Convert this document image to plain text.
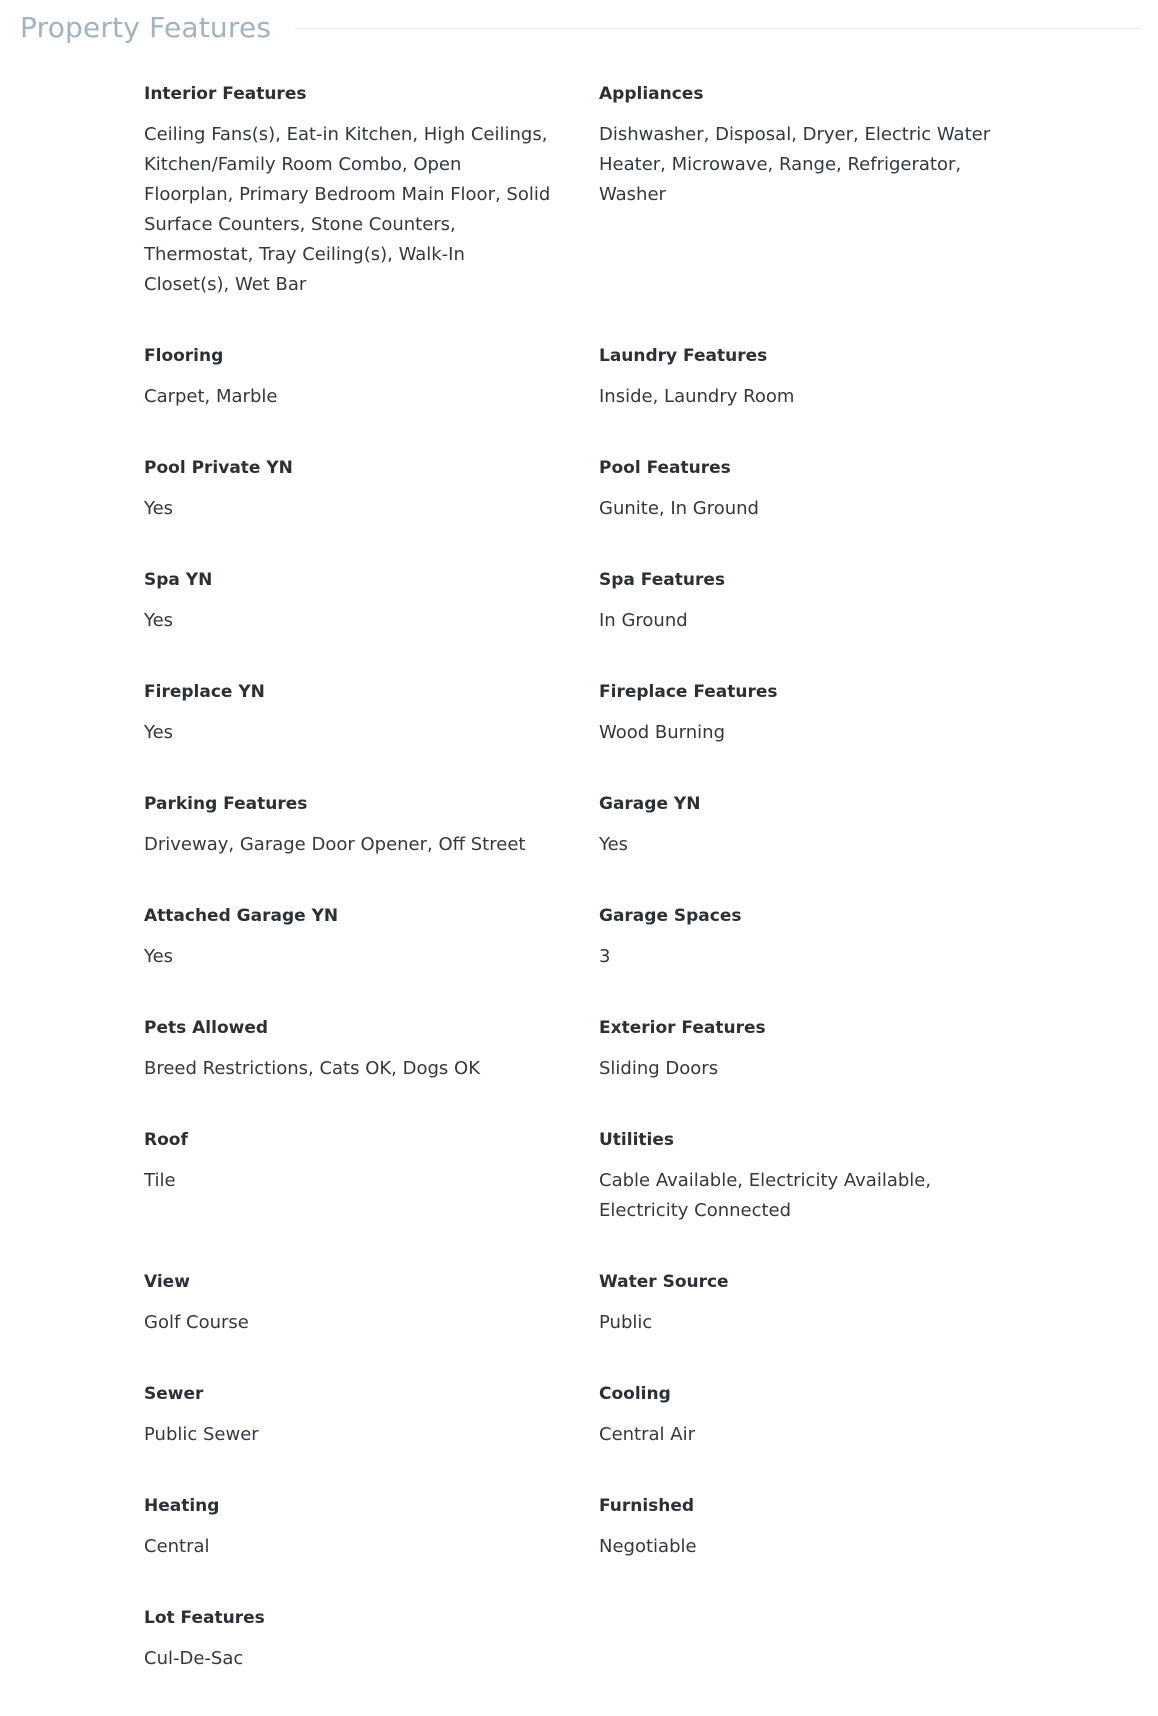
Property Features
Interior Features
Ceiling Fans(s), Eat-in Kitchen, High Ceilings, Kitchen/Family Room Combo, Open Floorplan, Primary Bedroom Main Floor, Solid Surface Counters, Stone Counters, Thermostat, Tray Ceiling(s), Walk-In Closet(s), Wet Bar
Appliances
Dishwasher, Disposal, Dryer, Electric Water Heater, Microwave, Range, Refrigerator, Washer
Flooring
Carpet, Marble
Laundry Features
Inside, Laundry Room
Pool Private YN
Yes
Pool Features
Gunite, In Ground
Spa YN
Yes
Spa Features
In Ground
Fireplace YN
Yes
Fireplace Features
Wood Burning
Parking Features
Driveway, Garage Door Opener, Off Street
Garage YN
Yes
Attached Garage YN
Yes
Garage Spaces
3
Pets Allowed
Breed Restrictions, Cats OK, Dogs OK
Exterior Features
Sliding Doors
Roof
Tile
Utilities
Cable Available, Electricity Available, Electricity Connected
View
Golf Course
Water Source
Public
Sewer
Public Sewer
Cooling
Central Air
Heating
Central
Furnished
Negotiable
Lot Features
Cul-De-Sac
